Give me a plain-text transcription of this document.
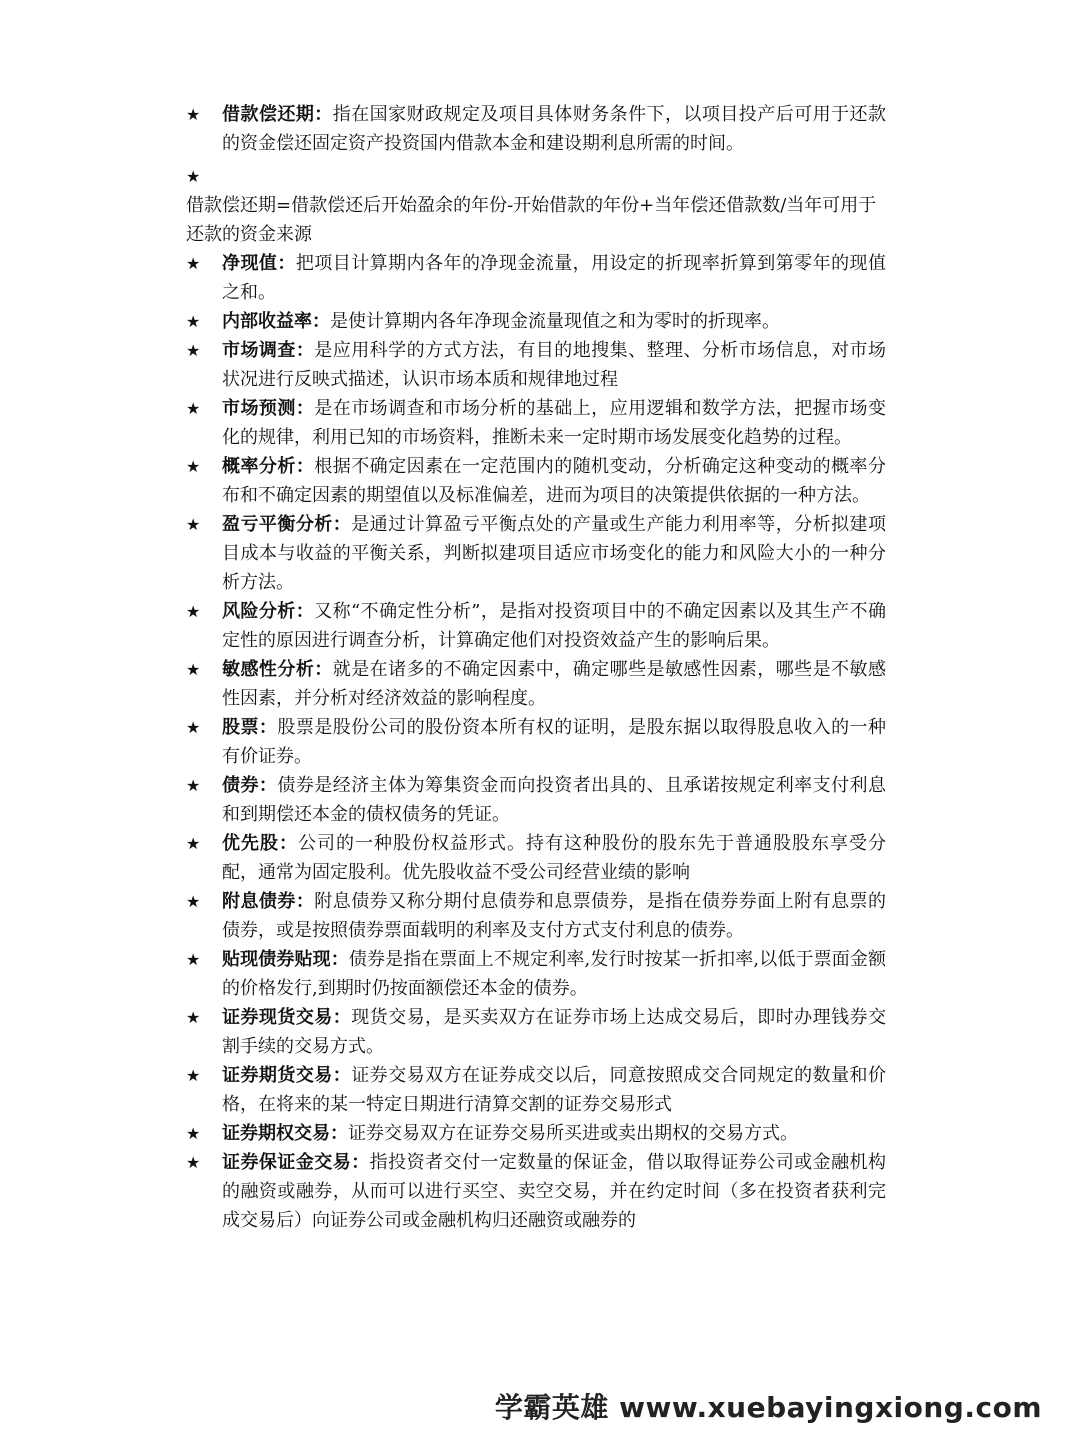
★	借款偿还期：指在国家财政规定及项目具体财务条件下，以项目投产后可用于还款的资金偿还固定资产投资国内借款本金和建设期利息所需的时间。
★
借款偿还期=借款偿还后开始盈余的年份-开始借款的年份+当年偿还借款数/当年可用于还款的资金来源
★	净现值：把项目计算期内各年的净现金流量，用设定的折现率折算到第零年的现值之和。
★	内部收益率：是使计算期内各年净现金流量现值之和为零时的折现率。
★	市场调查：是应用科学的方式方法，有目的地搜集、整理、分析市场信息，对市场状况进行反映式描述，认识市场本质和规律地过程
★	市场预测：是在市场调查和市场分析的基础上，应用逻辑和数学方法，把握市场变化的规律，利用已知的市场资料，推断未来一定时期市场发展变化趋势的过程。
★	概率分析：根据不确定因素在一定范围内的随机变动，分析确定这种变动的概率分布和不确定因素的期望值以及标准偏差，进而为项目的决策提供依据的一种方法。
★	盈亏平衡分析：是通过计算盈亏平衡点处的产量或生产能力利用率等，分析拟建项目成本与收益的平衡关系，判断拟建项目适应市场变化的能力和风险大小的一种分析方法。
★	风险分析：又称“不确定性分析”，是指对投资项目中的不确定因素以及其生产不确定性的原因进行调查分析，计算确定他们对投资效益产生的影响后果。
★	敏感性分析：就是在诸多的不确定因素中，确定哪些是敏感性因素，哪些是不敏感性因素，并分析对经济效益的影响程度。
★	股票：股票是股份公司的股份资本所有权的证明，是股东据以取得股息收入的一种有价证券。
★	债券：债券是经济主体为筹集资金而向投资者出具的、且承诺按规定利率支付利息和到期偿还本金的债权债务的凭证。
★	优先股：公司的一种股份权益形式。持有这种股份的股东先于普通股股东享受分配，通常为固定股利。优先股收益不受公司经营业绩的影响
★	附息债券：附息债券又称分期付息债券和息票债券，是指在债券券面上附有息票的债券，或是按照债券票面载明的利率及支付方式支付利息的债券。
★	贴现债券贴现：债券是指在票面上不规定利率,发行时按某一折扣率,以低于票面金额的价格发行,到期时仍按面额偿还本金的债券。
★	证券现货交易：现货交易，是买卖双方在证券市场上达成交易后，即时办理钱券交割手续的交易方式。
★	证券期货交易：证券交易双方在证券成交以后，同意按照成交合同规定的数量和价格，在将来的某一特定日期进行清算交割的证券交易形式
★	证券期权交易：证券交易双方在证券交易所买进或卖出期权的交易方式。
★	证券保证金交易：指投资者交付一定数量的保证金，借以取得证券公司或金融机构的融资或融券，从而可以进行买空、卖空交易，并在约定时间（多在投资者获利完成交易后）向证券公司或金融机构归还融资或融券的
学霸英雄 www.xuebayingxiong.com
